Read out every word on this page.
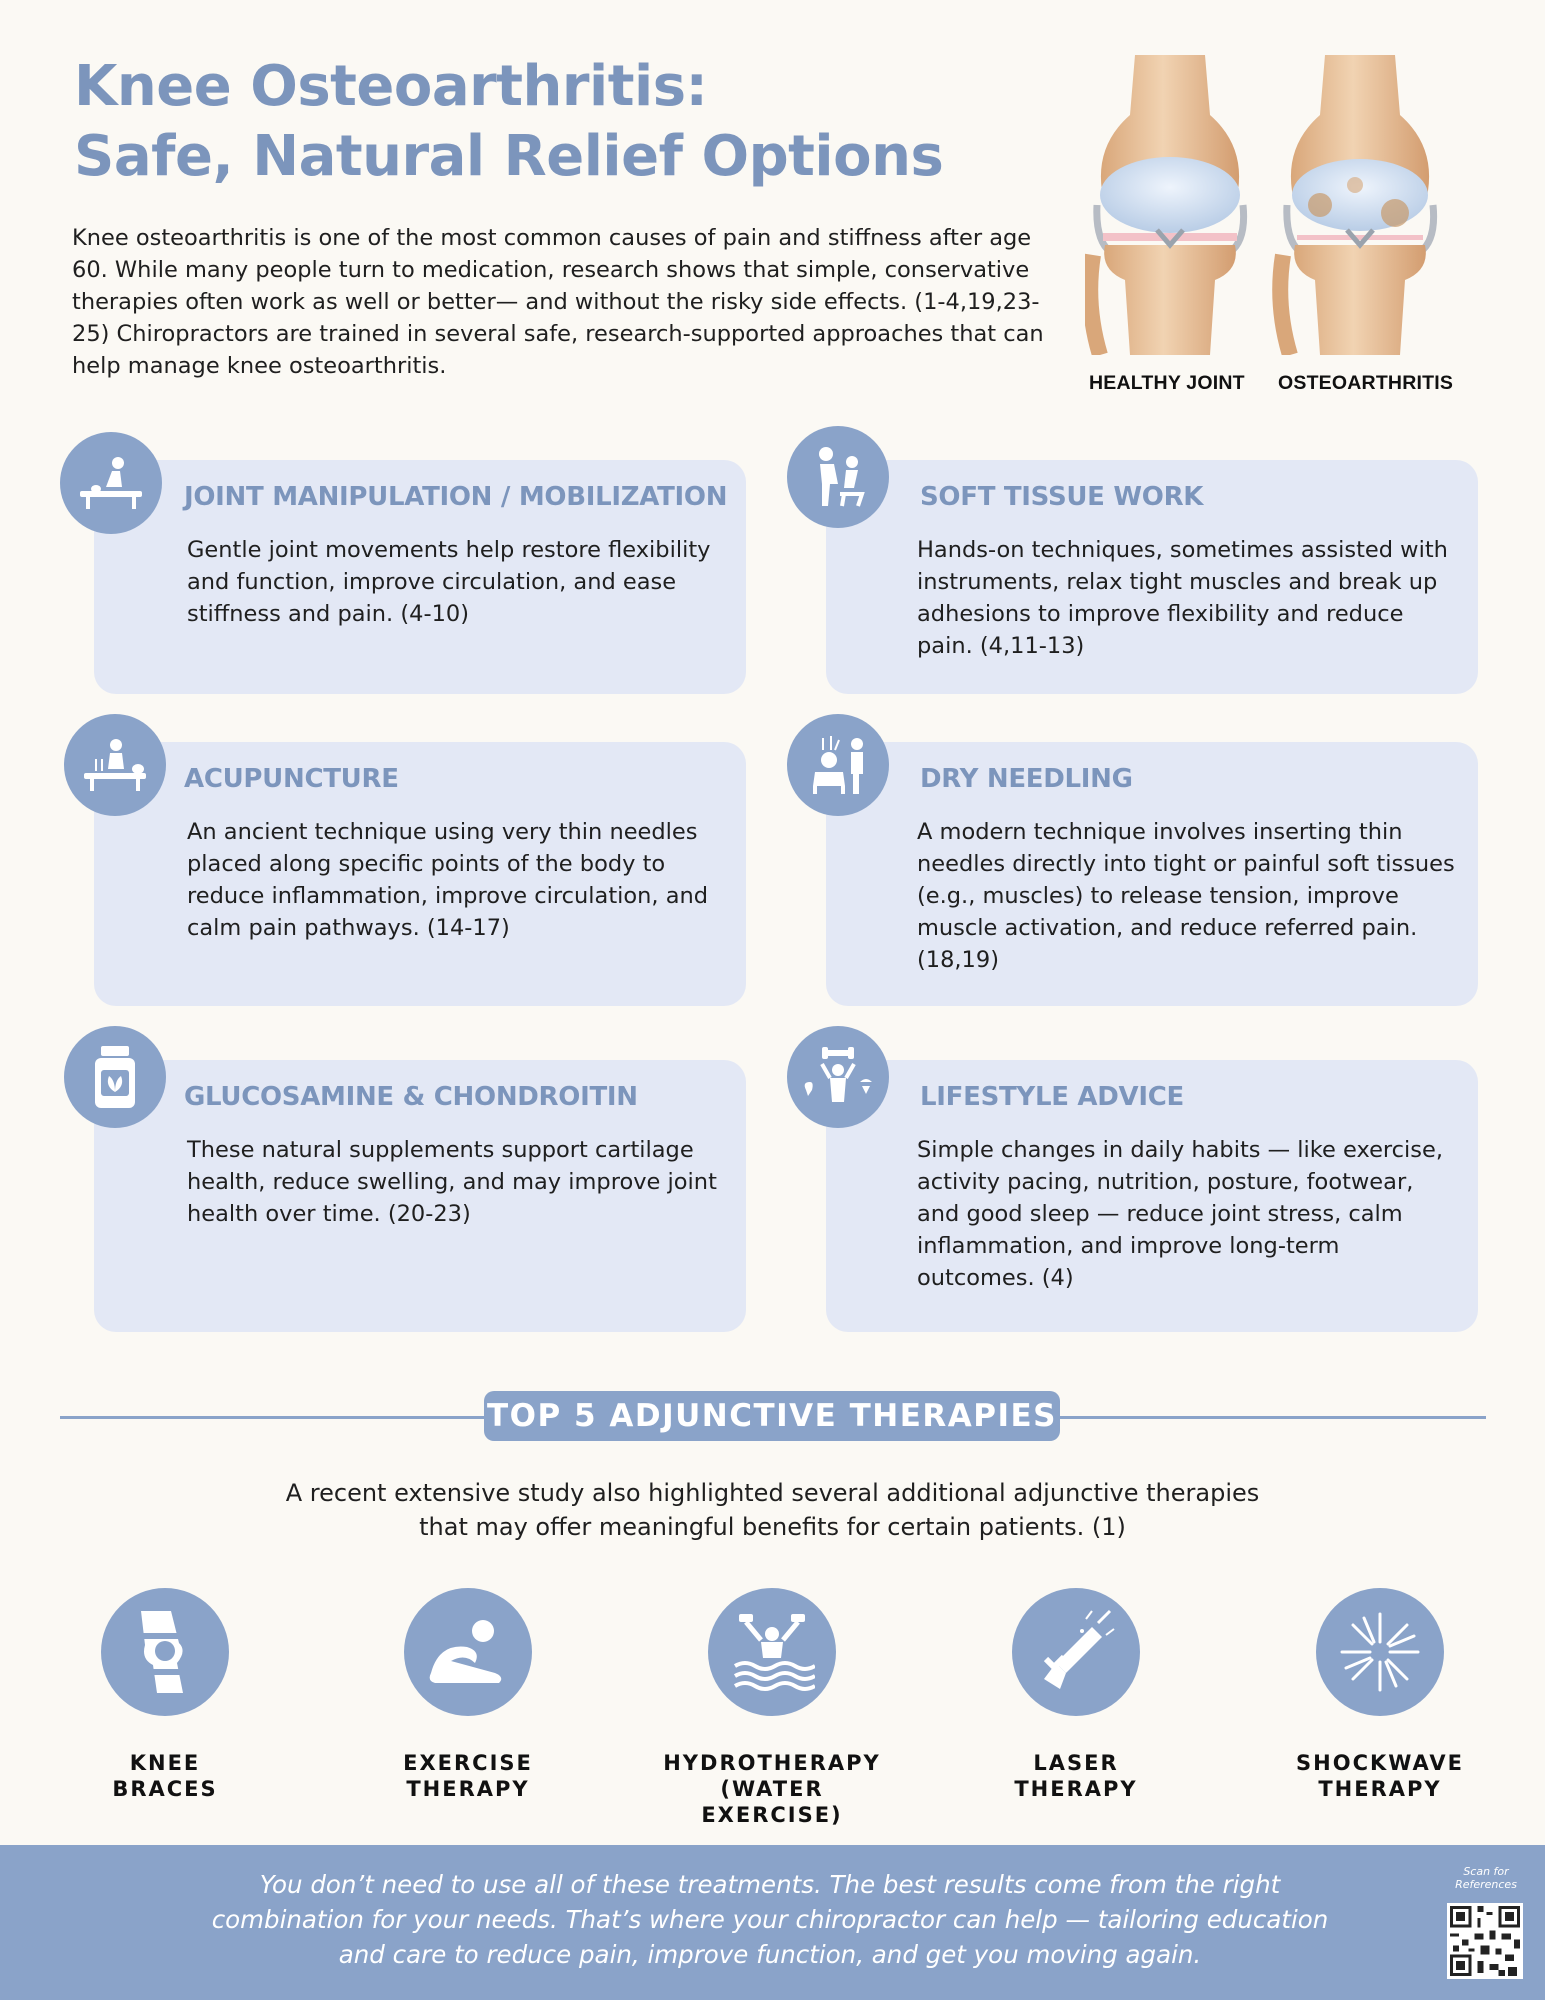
Knee Osteoarthritis:
Safe, Natural Relief Options

Knee osteoarthritis is one of the most common causes of pain and stiffness after age 60. While many people turn to medication, research shows that simple, conservative therapies often work as well or better— and without the risky side effects. (1-4,19,23-25) Chiropractors are trained in several safe, research-supported approaches that can help manage knee osteoarthritis.

HEALTHY JOINT OSTEOARTHRITIS
JOINT MANIPULATION / MOBILIZATION

Gentle joint movements help restore flexibility and function, improve circulation, and ease stiffness and pain. (4-10)

SOFT TISSUE WORK

Hands-on techniques, sometimes assisted with instruments, relax tight muscles and break up adhesions to improve flexibility and reduce pain. (4,11-13)

ACUPUNCTURE

An ancient technique using very thin needles placed along specific points of the body to reduce inflammation, improve circulation, and calm pain pathways. (14-17)

DRY NEEDLING

A modern technique involves inserting thin needles directly into tight or painful soft tissues (e.g., muscles) to release tension, improve muscle activation, and reduce referred pain. (18,19)

GLUCOSAMINE & CHONDROITIN

These natural supplements support cartilage health, reduce swelling, and may improve joint health over time. (20-23)

LIFESTYLE ADVICE

Simple changes in daily habits — like exercise, activity pacing, nutrition, posture, footwear, and good sleep — reduce joint stress, calm inflammation, and improve long-term outcomes. (4)

TOP 5 ADJUNCTIVE THERAPIES

A recent extensive study also highlighted several additional adjunctive therapies
that may offer meaningful benefits for certain patients. (1)

KNEE
BRACES
EXERCISE
THERAPY
HYDROTHERAPY
(WATER EXERCISE)
LASER
THERAPY
SHOCKWAVE
THERAPY

You don’t need to use all of these treatments. The best results come from the right
combination for your needs. That’s where your chiropractor can help — tailoring education
and care to reduce pain, improve function, and get you moving again.

Scan for
References
